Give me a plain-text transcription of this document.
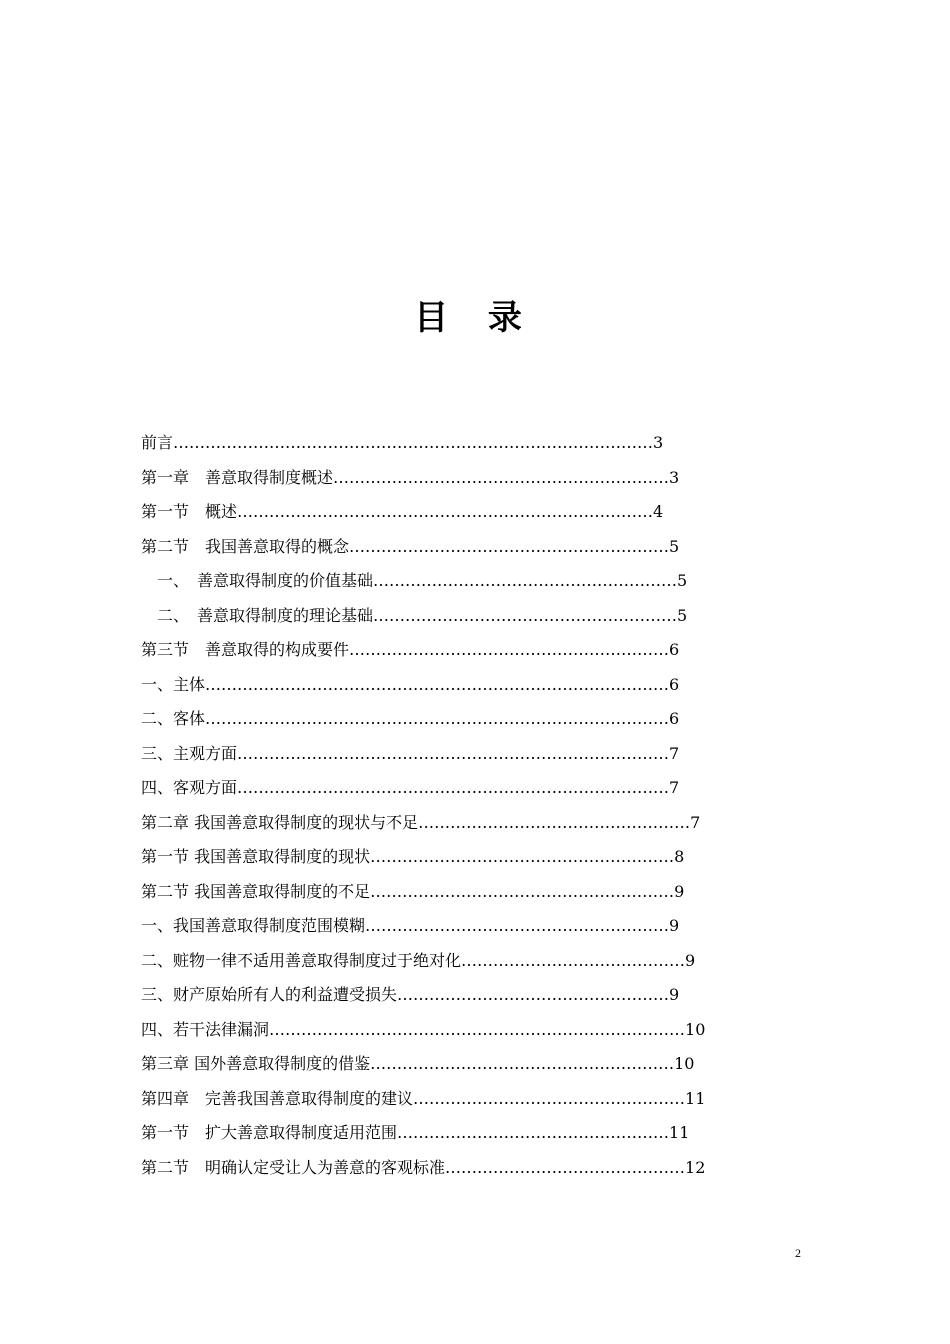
目 录
前言………………………………………………………………………………3
第一章　善意取得制度概述………………………………………………………3
第一节　概述……………………………………………………………………4
第二节　我国善意取得的概念……………………………………………………5
　一、　善意取得制度的价值基础…………………………………………………5
　二、　善意取得制度的理论基础…………………………………………………5
第三节　善意取得的构成要件……………………………………………………6
一、主体……………………………………………………………………………6
二、客体……………………………………………………………………………6
三、主观方面………………………………………………………………………7
四、客观方面………………………………………………………………………7
第二章 我国善意取得制度的现状与不足……………………………………………7
第一节 我国善意取得制度的现状…………………………………………………8
第二节 我国善意取得制度的不足…………………………………………………9
一、我国善意取得制度范围模糊…………………………………………………9
二、赃物一律不适用善意取得制度过于绝对化……………………………………9
三、财产原始所有人的利益遭受损失……………………………………………9
四、若干法律漏洞……………………………………………………………………10
第三章 国外善意取得制度的借鉴…………………………………………………10
第四章　完善我国善意取得制度的建议……………………………………………11
第一节　扩大善意取得制度适用范围……………………………………………11
第二节　明确认定受让人为善意的客观标准………………………………………12
2
